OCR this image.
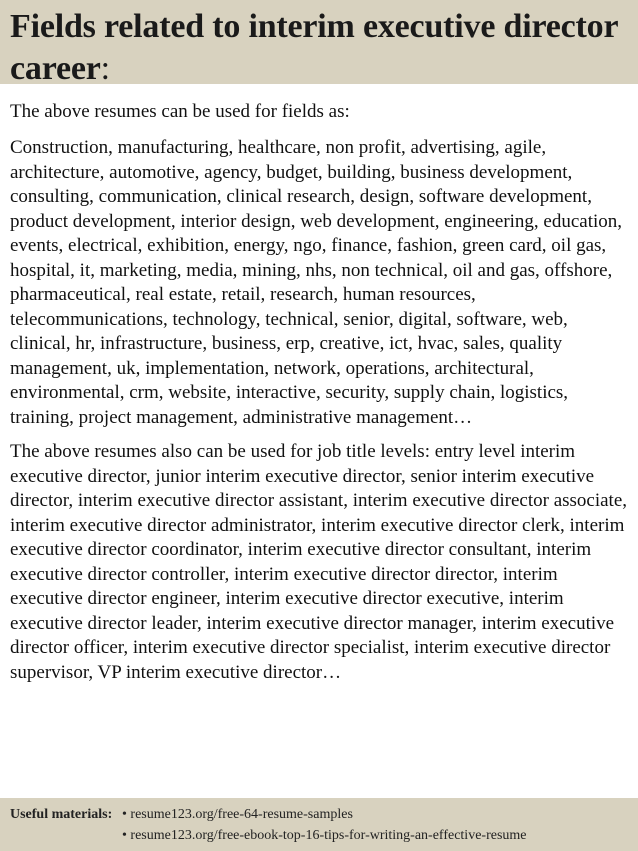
Fields related to interim executive director career:

The above resumes can be used for fields as:

Construction, manufacturing, healthcare, non profit, advertising, agile, architecture, automotive, agency, budget, building, business development, consulting, communication, clinical research, design, software development, product development, interior design, web development, engineering, education, events, electrical, exhibition, energy, ngo, finance, fashion, green card, oil gas, hospital, it, marketing, media, mining, nhs, non technical, oil and gas, offshore, pharmaceutical, real estate, retail, research, human resources, telecommunications, technology, technical, senior, digital, software, web, clinical, hr, infrastructure, business, erp, creative, ict, hvac, sales, quality management, uk, implementation, network, operations, architectural, environmental, crm, website, interactive, security, supply chain, logistics, training, project management, administrative management…

The above resumes also can be used for job title levels: entry level interim executive director, junior interim executive director, senior interim executive director, interim executive director assistant, interim executive director associate, interim executive director administrator, interim executive director clerk, interim executive director coordinator, interim executive director consultant, interim executive director controller, interim executive director director, interim executive director engineer, interim executive director executive, interim executive director leader, interim executive director manager, interim executive director officer, interim executive director specialist, interim executive director supervisor, VP interim executive director…

Useful materials: • resume123.org/free-64-resume-samples
• resume123.org/free-ebook-top-16-tips-for-writing-an-effective-resume
